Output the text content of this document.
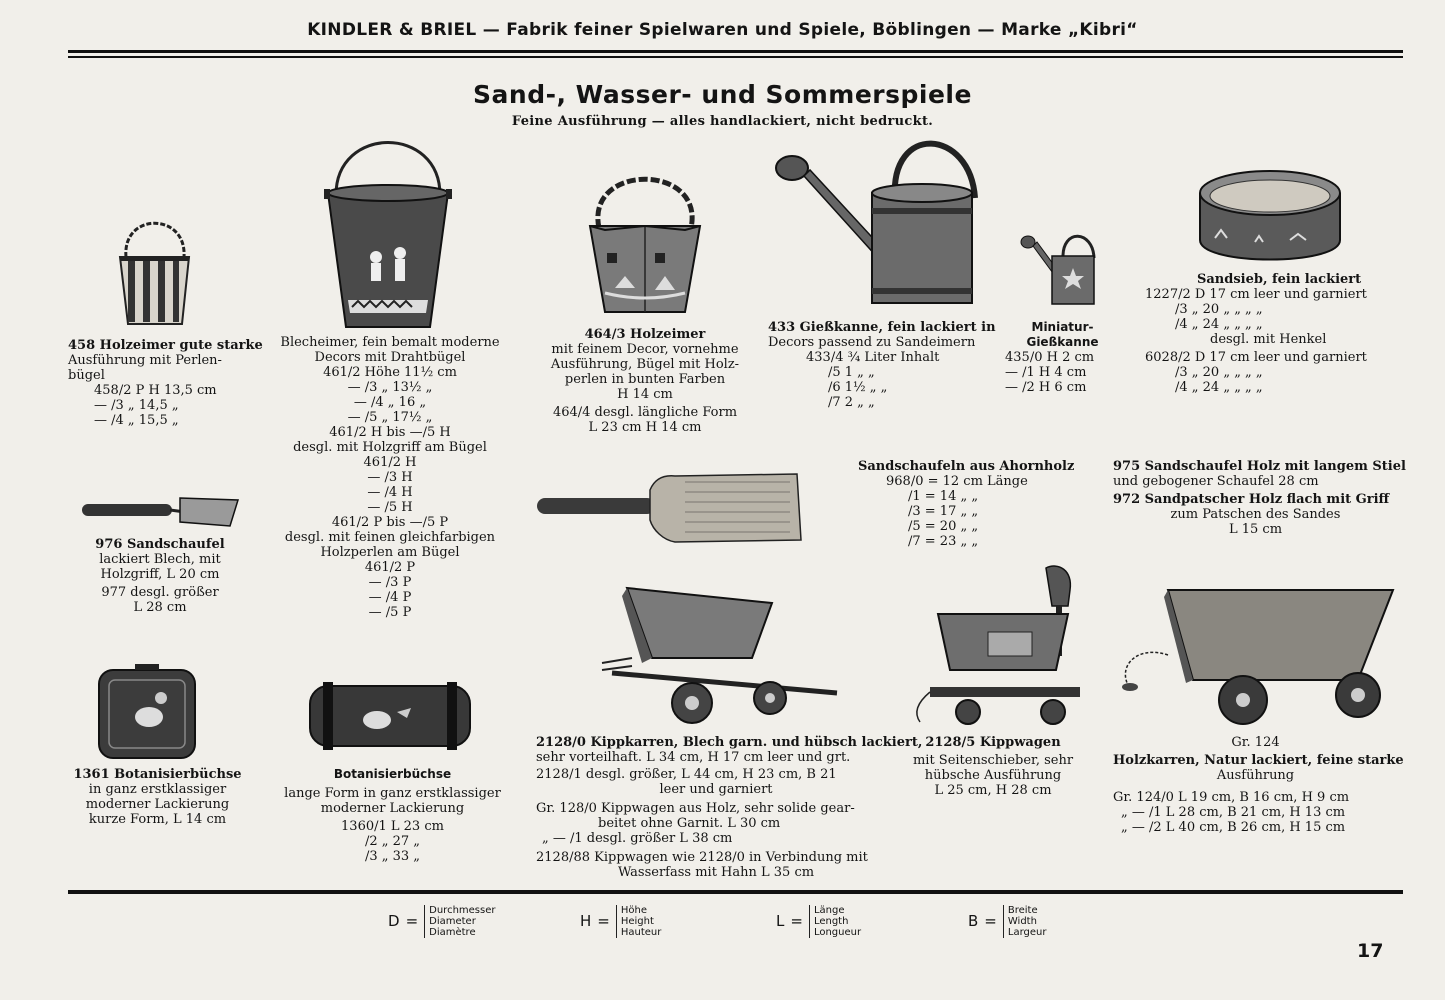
KINDLER & BRIEL — Fabrik feiner Spielwaren und Spiele, Böblingen — Marke „Kibri“
Sand-, Wasser- und Sommerspiele
Feine Ausführung — alles handlackiert, nicht bedruckt.
458 Holzeimer gute starke
Ausführung mit Perlen-
bügel
458/2 P H 13,5 cm
— /3 „ 14,5 „
— /4 „ 15,5 „
Blecheimer, fein bemalt moderne
Decors mit Drahtbügel
461/2 Höhe 11½ cm
— /3 „ 13½ „
— /4 „ 16 „
— /5 „ 17½ „
461/2 H bis —/5 H
desgl. mit Holzgriff am Bügel
461/2 H
— /3 H
— /4 H
— /5 H
461/2 P bis —/5 P
desgl. mit feinen gleichfarbigen
Holzperlen am Bügel
461/2 P
— /3 P
— /4 P
— /5 P
464/3 Holzeimer
mit feinem Decor, vornehme
Ausführung, Bügel mit Holz-
perlen in bunten Farben
H 14 cm
464/4 desgl. längliche Form
L 23 cm H 14 cm
433 Gießkanne, fein lackiert in
Decors passend zu Sandeimern
433/4 ¾ Liter Inhalt
/5 1 „ „
/6 1½ „ „
/7 2 „ „
Miniatur-
Gießkanne
435/0 H 2 cm
— /1 H 4 cm
— /2 H 6 cm
Sandsieb, fein lackiert
1227/2 D 17 cm leer und garniert
/3 „ 20 „ „ „ „
/4 „ 24 „ „ „ „
desgl. mit Henkel
6028/2 D 17 cm leer und garniert
/3 „ 20 „ „ „ „
/4 „ 24 „ „ „ „
976 Sandschaufel
lackiert Blech, mit
Holzgriff, L 20 cm
977 desgl. größer
L 28 cm
Sandschaufeln aus Ahornholz
968/0 = 12 cm Länge
/1 = 14 „ „
/3 = 17 „ „
/5 = 20 „ „
/7 = 23 „ „
975 Sandschaufel Holz mit langem Stiel
und gebogener Schaufel 28 cm
972 Sandpatscher Holz flach mit Griff
zum Patschen des Sandes
L 15 cm
1361 Botanisierbüchse
in ganz erstklassiger
moderner Lackierung
kurze Form, L 14 cm
Botanisierbüchse
lange Form in ganz erstklassiger
moderner Lackierung
1360/1 L 23 cm
/2 „ 27 „
/3 „ 33 „
2128/0 Kippkarren, Blech garn. und hübsch lackiert,
sehr vorteilhaft. L 34 cm, H 17 cm leer und grt.
2128/1 desgl. größer, L 44 cm, H 23 cm, B 21
leer und garniert
Gr. 128/0 Kippwagen aus Holz, sehr solide gear-
beitet ohne Garnit. L 30 cm
„ — /1 desgl. größer L 38 cm
2128/88 Kippwagen wie 2128/0 in Verbindung mit
Wasserfass mit Hahn L 35 cm
2128/5 Kippwagen
mit Seitenschieber, sehr
hübsche Ausführung
L 25 cm, H 28 cm
Gr. 124
Holzkarren, Natur lackiert, feine starke
Ausführung
Gr. 124/0 L 19 cm, B 16 cm, H 9 cm
„ — /1 L 28 cm, B 21 cm, H 13 cm
„ — /2 L 40 cm, B 26 cm, H 15 cm
D =
Durchmesser
Diameter
Diamètre
H =
Höhe
Height
Hauteur
L =
Länge
Length
Longueur
B =
Breite
Width
Largeur
17
